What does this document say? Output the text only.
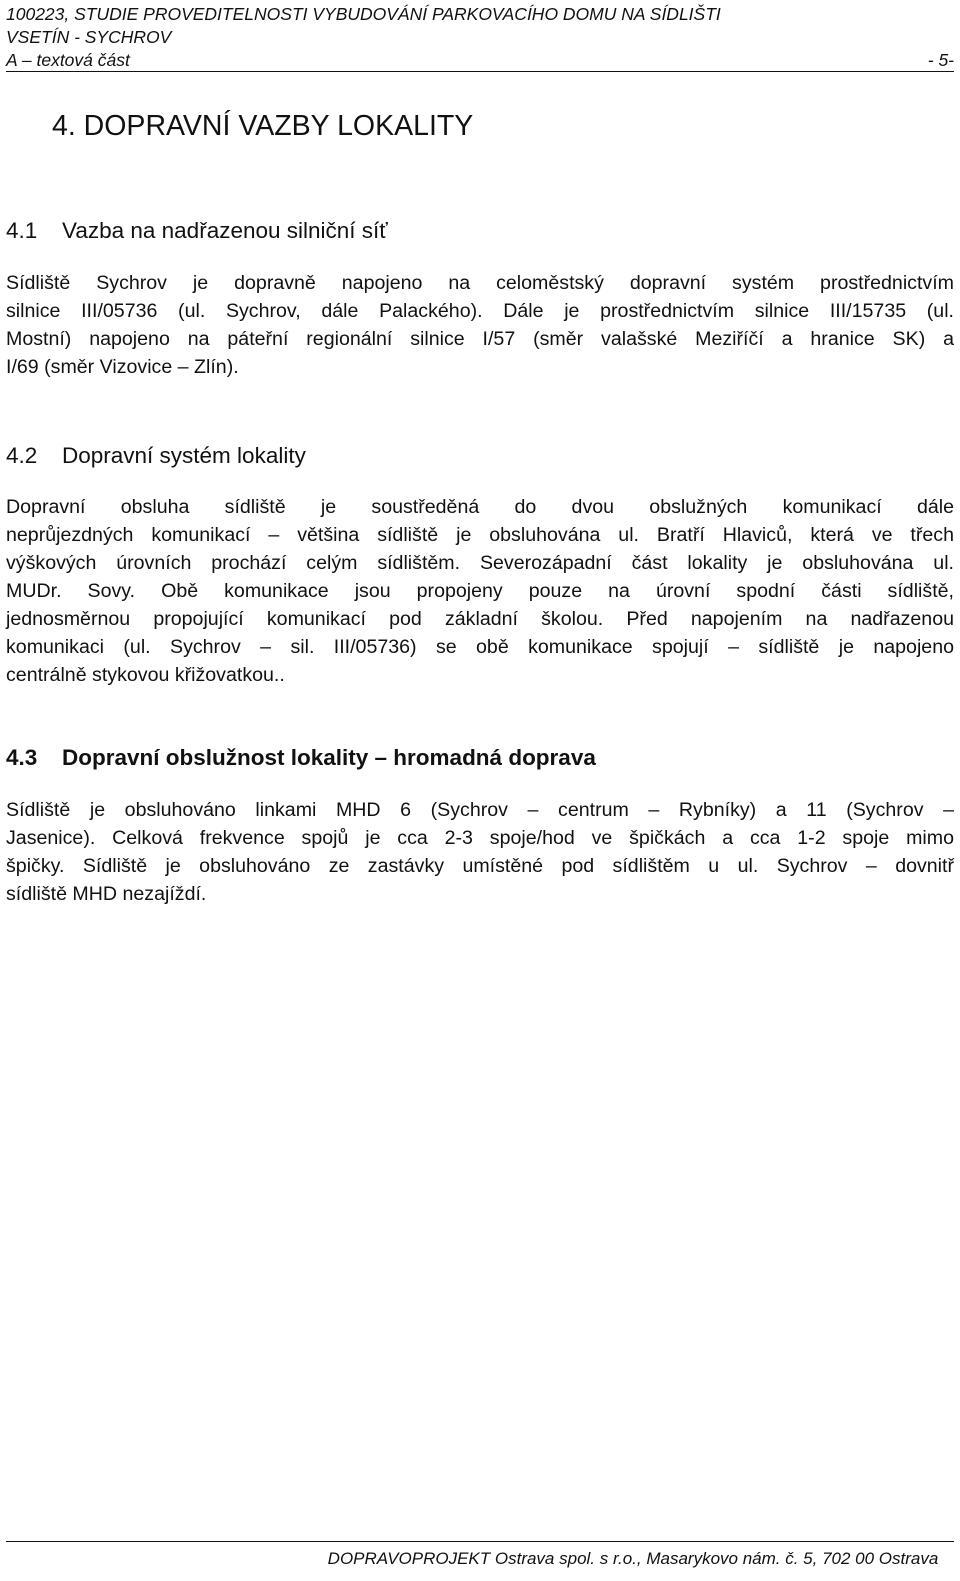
100223, STUDIE PROVEDITELNOSTI VYBUDOVÁNÍ PARKOVACÍHO DOMU NA SÍDLIŠTI
VSETÍN - SYCHROV
A – textová část	- 5-
4. DOPRAVNÍ VAZBY LOKALITY
4.1 Vazba na nadřazenou silniční síť
Sídliště Sychrov je dopravně napojeno na celoměstský dopravní systém prostřednictvím
silnice III/05736 (ul. Sychrov, dále Palackého). Dále je prostřednictvím silnice III/15735 (ul.
Mostní) napojeno na páteřní regionální silnice I/57 (směr valašské Meziříčí a hranice SK) a
I/69 (směr Vizovice – Zlín).
4.2 Dopravní systém lokality
Dopravní obsluha sídliště je soustředěná do dvou obslužných komunikací dále
neprůjezdných komunikací – většina sídliště je obsluhována ul. Bratří Hlaviců, která ve třech
výškových úrovních prochází celým sídlištěm. Severozápadní část lokality je obsluhována ul.
MUDr. Sovy. Obě komunikace jsou propojeny pouze na úrovní spodní části sídliště,
jednosměrnou propojující komunikací pod základní školou. Před napojením na nadřazenou
komunikaci (ul. Sychrov – sil. III/05736) se obě komunikace spojují – sídliště je napojeno
centrálně stykovou křižovatkou..
4.3 Dopravní obslužnost lokality – hromadná doprava
Sídliště je obsluhováno linkami MHD 6 (Sychrov – centrum – Rybníky) a 11 (Sychrov –
Jasenice). Celková frekvence spojů je cca 2-3 spoje/hod ve špičkách a cca 1-2 spoje mimo
špičky. Sídliště je obsluhováno ze zastávky umístěné pod sídlištěm u ul. Sychrov – dovnitř
sídliště MHD nezajíždí.
DOPRAVOPROJEKT Ostrava spol. s r.o., Masarykovo nám. č. 5, 702 00 Ostrava
